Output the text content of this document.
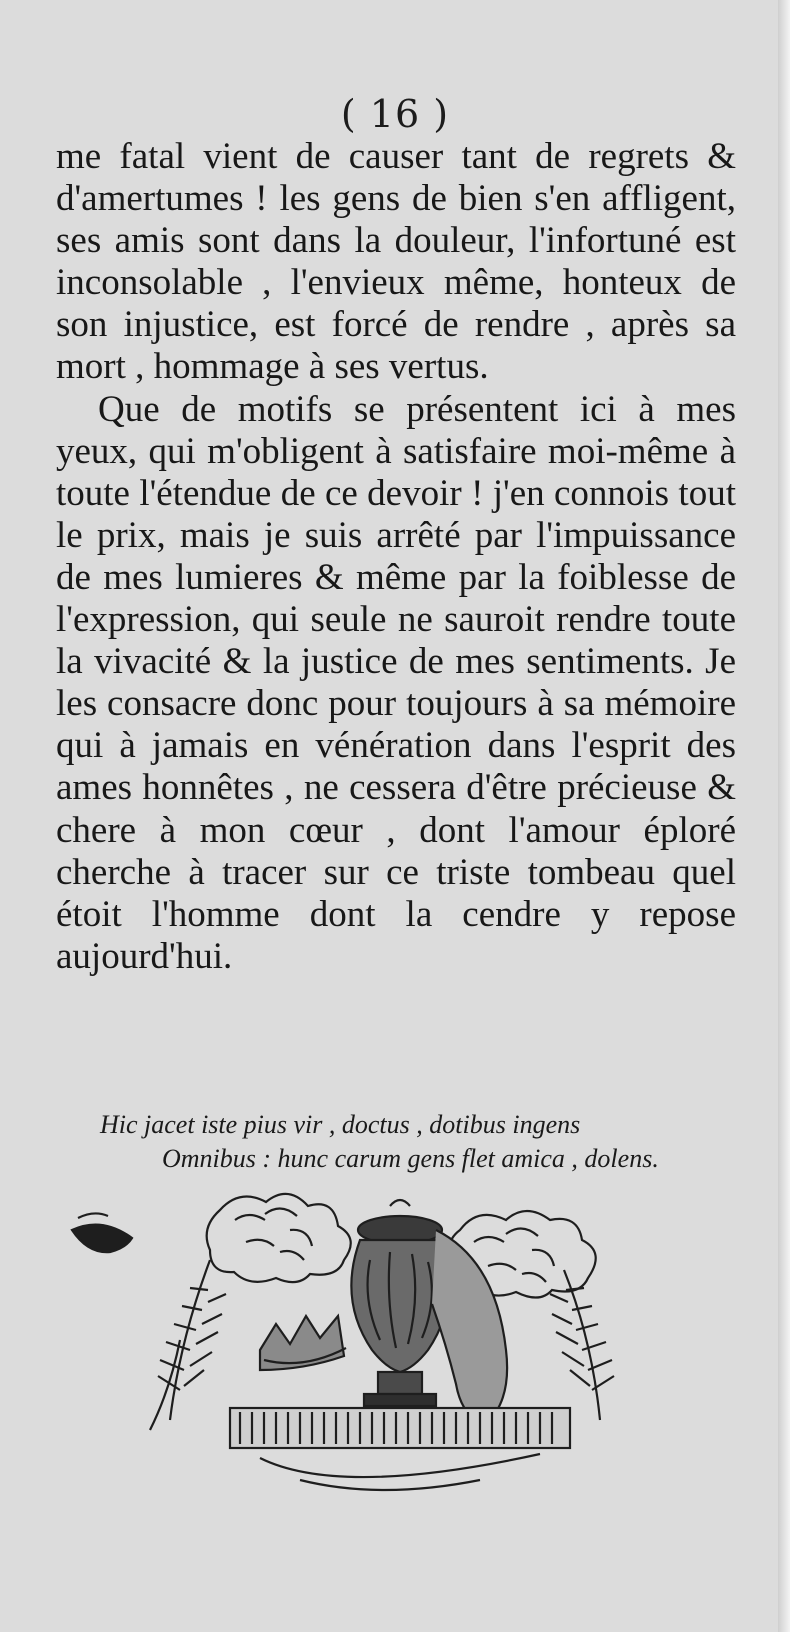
( 16 )

me fatal vient de causer tant de regrets & d'amertumes ! les gens de bien s'en affligent, ses amis sont dans la douleur, l'infortuné est inconsolable , l'envieux même, honteux de son injustice, est forcé de rendre , après sa mort , hommage à ses vertus.

Que de motifs se présentent ici à mes yeux, qui m'obligent à satisfaire moi-même à toute l'étendue de ce devoir ! j'en connois tout le prix, mais je suis arrêté par l'impuissance de mes lumieres & même par la foiblesse de l'expression, qui seule ne sauroit rendre toute la vivacité & la justice de mes sentiments. Je les consacre donc pour toujours à sa mémoire qui à jamais en vénération dans l'esprit des ames honnêtes , ne cessera d'être précieuse & chere à mon cœur , dont l'amour éploré cherche à tracer sur ce triste tombeau quel étoit l'homme dont la cendre y repose aujourd'hui.

Hic jacet iste pius vir , doctus , dotibus ingens
Omnibus : hunc carum gens flet amica , dolens.
